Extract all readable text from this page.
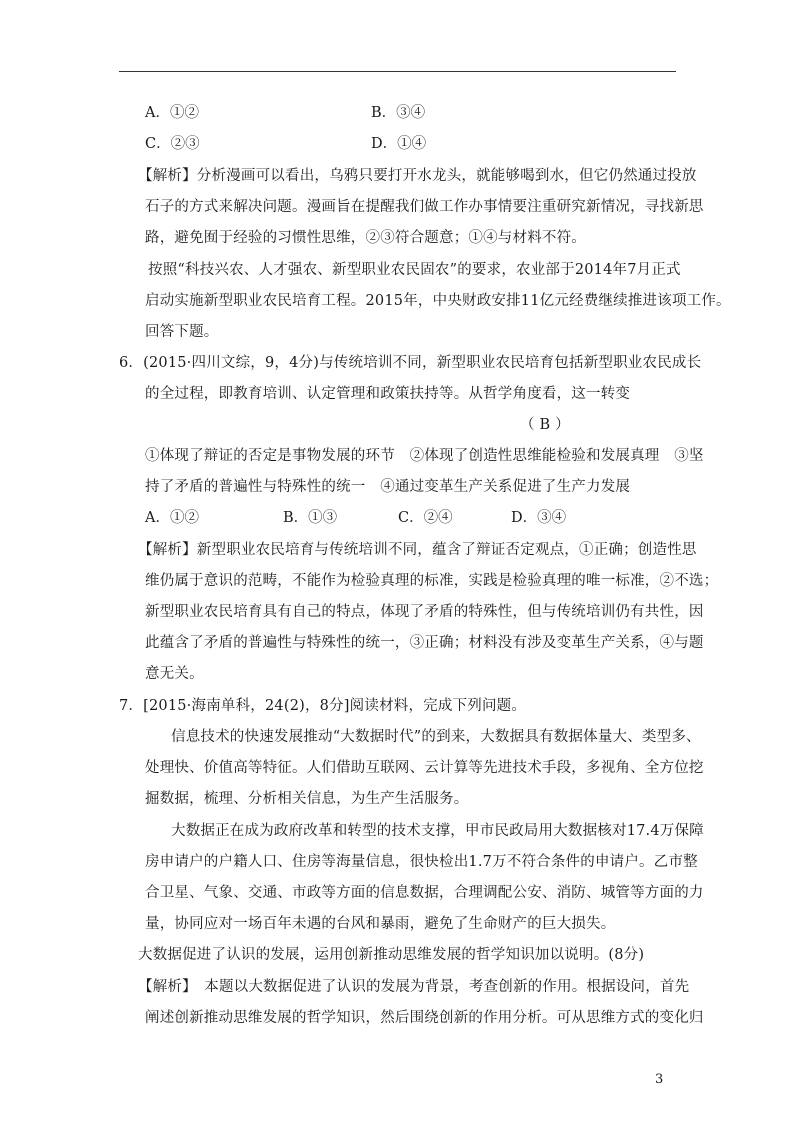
A．①②	B．③④
C．②③	D．①④
【解析】分析漫画可以看出，乌鸦只要打开水龙头，就能够喝到水，但它仍然通过投放
石子的方式来解决问题。漫画旨在提醒我们做工作办事情要注重研究新情况，寻找新思
路，避免囿于经验的习惯性思维，②③符合题意；①④与材料不符。
按照“科技兴农、人才强农、新型职业农民固农”的要求，农业部于2014年7月正式
启动实施新型职业农民培育工程。2015年，中央财政安排11亿元经费继续推进该项工作。
回答下题。
6．(2015·四川文综，9，4分)与传统培训不同，新型职业农民培育包括新型职业农民成长
的全过程，即教育培训、认定管理和政策扶持等。从哲学角度看，这一转变
（ B ）
①体现了辩证的否定是事物发展的环节　②体现了创造性思维能检验和发展真理　③坚
持了矛盾的普遍性与特殊性的统一　④通过变革生产关系促进了生产力发展
A．①②	B．①③	C．②④	D．③④
【解析】新型职业农民培育与传统培训不同，蕴含了辩证否定观点，①正确；创造性思
维仍属于意识的范畴，不能作为检验真理的标准，实践是检验真理的唯一标准，②不选；
新型职业农民培育具有自己的特点，体现了矛盾的特殊性，但与传统培训仍有共性，因
此蕴含了矛盾的普遍性与特殊性的统一，③正确；材料没有涉及变革生产关系，④与题
意无关。
7．[2015·海南单科，24(2)，8分]阅读材料，完成下列问题。
信息技术的快速发展推动“大数据时代”的到来，大数据具有数据体量大、类型多、
处理快、价值高等特征。人们借助互联网、云计算等先进技术手段，多视角、全方位挖
掘数据，梳理、分析相关信息，为生产生活服务。
大数据正在成为政府改革和转型的技术支撑，甲市民政局用大数据核对17.4万保障
房申请户的户籍人口、住房等海量信息，很快检出1.7万不符合条件的申请户。乙市整
合卫星、气象、交通、市政等方面的信息数据，合理调配公安、消防、城管等方面的力
量，协同应对一场百年未遇的台风和暴雨，避免了生命财产的巨大损失。
大数据促进了认识的发展，运用创新推动思维发展的哲学知识加以说明。(8分)
【解析】　本题以大数据促进了认识的发展为背景，考查创新的作用。根据设问，首先
阐述创新推动思维发展的哲学知识，然后围绕创新的作用分析。可从思维方式的变化归
3
